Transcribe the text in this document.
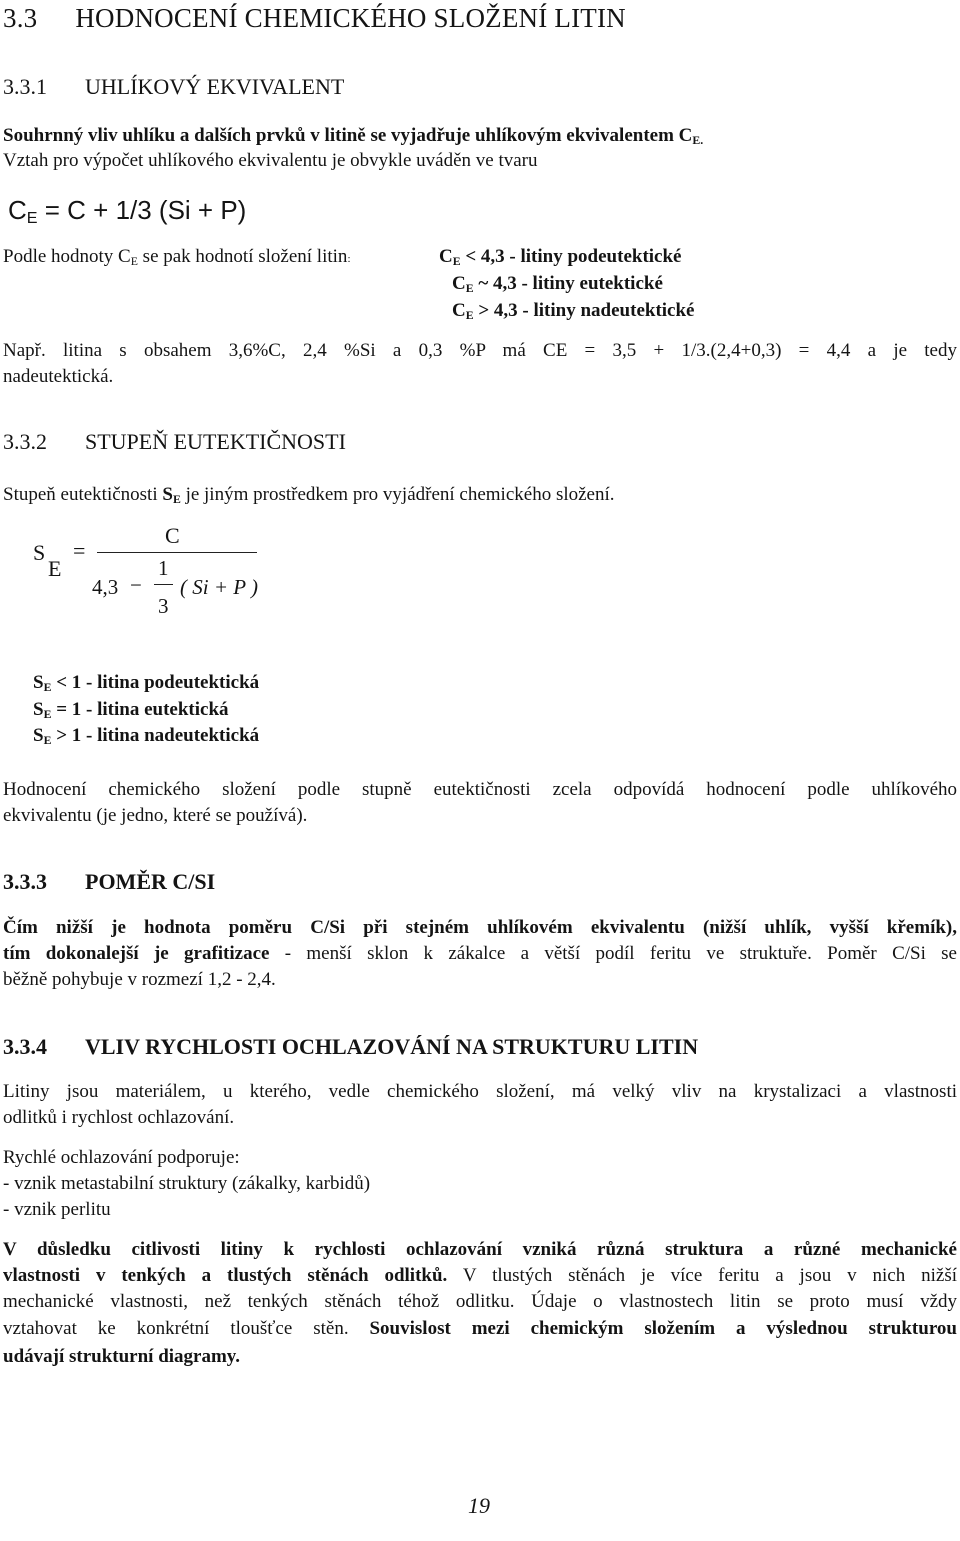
3.3 HODNOCENÍ CHEMICKÉHO SLOŽENÍ LITIN
3.3.1 UHLÍKOVÝ EKVIVALENT
Souhrnný vliv uhlíku a dalších prvků v litině se vyjadřuje uhlíkovým ekvivalentem $C_{E.}$
Vztah pro výpočet uhlíkového ekvivalentu je obvykle uváděn ve tvaru
$C_E = C + 1/3$ (Si + P)
Podle hodnoty $C_E$ se pak hodnotí složení litin:	$C_E < 4,3$ - litiny podeutektické
$C_E$ ~ 4,3 - litiny eutektické
$C_E > 4,3$ - litiny nadeutektické
Např. litina s obsahem 3,6%C, 2,4 %Si a 0,3 %P má CE = 3,5 + 1/3.(2,4+0,3) = 4,4 a je tedy
nadeutektická.
3.3.2 STUPEŇ EUTEKTIČNOSTI
Stupeň eutektičnosti $S_E$ je jiným prostředkem pro vyjádření chemického složení.
S
E
=
C
4,3 −
1
3
( Si + P )
$S_E < 1$ - litina podeutektická
$S_E = 1$ - litina eutektická
$S_E > 1$ - litina nadeutektická
Hodnocení chemického složení podle stupně eutektičnosti zcela odpovídá hodnocení podle uhlíkového
ekvivalentu (je jedno, které se používá).
3.3.3 POMĚR C/SI
Čím nižší je hodnota poměru C/Si při stejném uhlíkovém ekvivalentu (nižší uhlík, vyšší křemík),
tím dokonalejší je grafitizace - menší sklon k zákalce a větší podíl feritu ve struktuře. Poměr C/Si se
běžně pohybuje v rozmezí 1,2 - 2,4.
3.3.4 VLIV RYCHLOSTI OCHLAZOVÁNÍ NA STRUKTURU LITIN
Litiny jsou materiálem, u kterého, vedle chemického složení, má velký vliv na krystalizaci a vlastnosti
odlitků i rychlost ochlazování.
Rychlé ochlazování podporuje:
- vznik metastabilní struktury (zákalky, karbidů)
- vznik perlitu
V důsledku citlivosti litiny k rychlosti ochlazování vzniká různá struktura a různé mechanické
vlastnosti v tenkých a tlustých stěnách odlitků. V tlustých stěnách je více feritu a jsou v nich nižší
mechanické vlastnosti, než tenkých stěnách téhož odlitku. Údaje o vlastnostech litin se proto musí vždy
vztahovat ke konkrétní tloušťce stěn. Souvislost mezi chemickým složením a výslednou strukturou
udávají strukturní diagramy.
19
